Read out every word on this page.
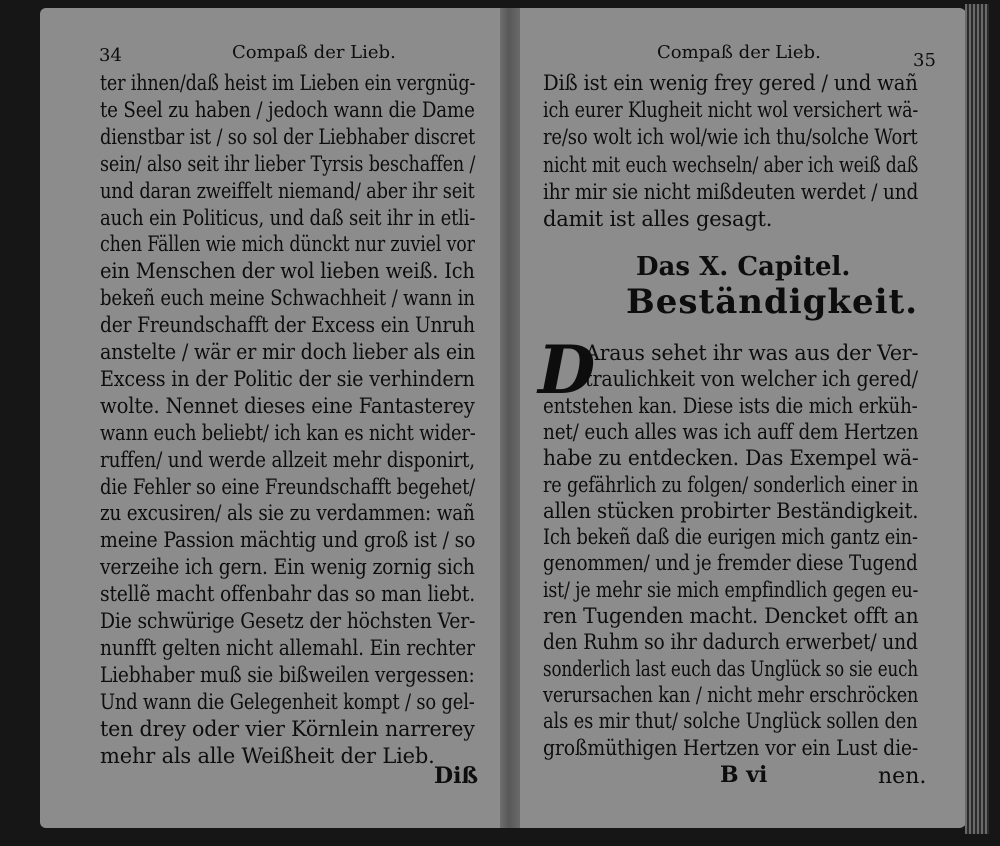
34	Compaß der Lieb.
ter ihnen/daß heist im Lieben ein vergnüg-
te Seel zu haben / jedoch wann die Dame
dienstbar ist / so sol der Liebhaber discret
sein/ also seit ihr lieber Tyrsis beschaffen /
und daran zweiffelt niemand/ aber ihr seit
auch ein Politicus, und daß seit ihr in etli-
chen Fällen wie mich dünckt nur zuviel vor
ein Menschen der wol lieben weiß. Ich
bekeñ euch meine Schwachheit / wann in
der Freundschafft der Excess ein Unruh
anstelte / wär er mir doch lieber als ein
Excess in der Politic der sie verhindern
wolte. Nennet dieses eine Fantasterey
wann euch beliebt/ ich kan es nicht wider-
ruffen/ und werde allzeit mehr disponirt,
die Fehler so eine Freundschafft begehet/
zu excusiren/ als sie zu verdammen: wañ
meine Passion mächtig und groß ist / so
verzeihe ich gern. Ein wenig zornig sich
stellẽ macht offenbahr das so man liebt.
Die schwürige Gesetz der höchsten Ver-
nunfft gelten nicht allemahl. Ein rechter
Liebhaber muß sie bißweilen vergessen:
Und wann die Gelegenheit kompt / so gel-
ten drey oder vier Körnlein narrerey
mehr als alle Weißheit der Lieb.
Diß
Compaß der Lieb.	35
Diß ist ein wenig frey gered / und wañ
ich eurer Klugheit nicht wol versichert wä-
re/so wolt ich wol/wie ich thu/solche Wort
nicht mit euch wechseln/ aber ich weiß daß
ihr mir sie nicht mißdeuten werdet / und
damit ist alles gesagt.
Das X. Capitel.
Beständigkeit.
D
Araus sehet ihr was aus der Ver-
traulichkeit von welcher ich gered/
entstehen kan. Diese ists die mich erküh-
net/ euch alles was ich auff dem Hertzen
habe zu entdecken. Das Exempel wä-
re gefährlich zu folgen/ sonderlich einer in
allen stücken probirter Beständigkeit.
Ich bekeñ daß die eurigen mich gantz ein-
genommen/ und je fremder diese Tugend
ist/ je mehr sie mich empfindlich gegen eu-
ren Tugenden macht. Dencket offt an
den Ruhm so ihr dadurch erwerbet/ und
sonderlich last euch das Unglück so sie euch
verursachen kan / nicht mehr erschröcken
als es mir thut/ solche Unglück sollen den
großmüthigen Hertzen vor ein Lust die-
B vi	nen.
